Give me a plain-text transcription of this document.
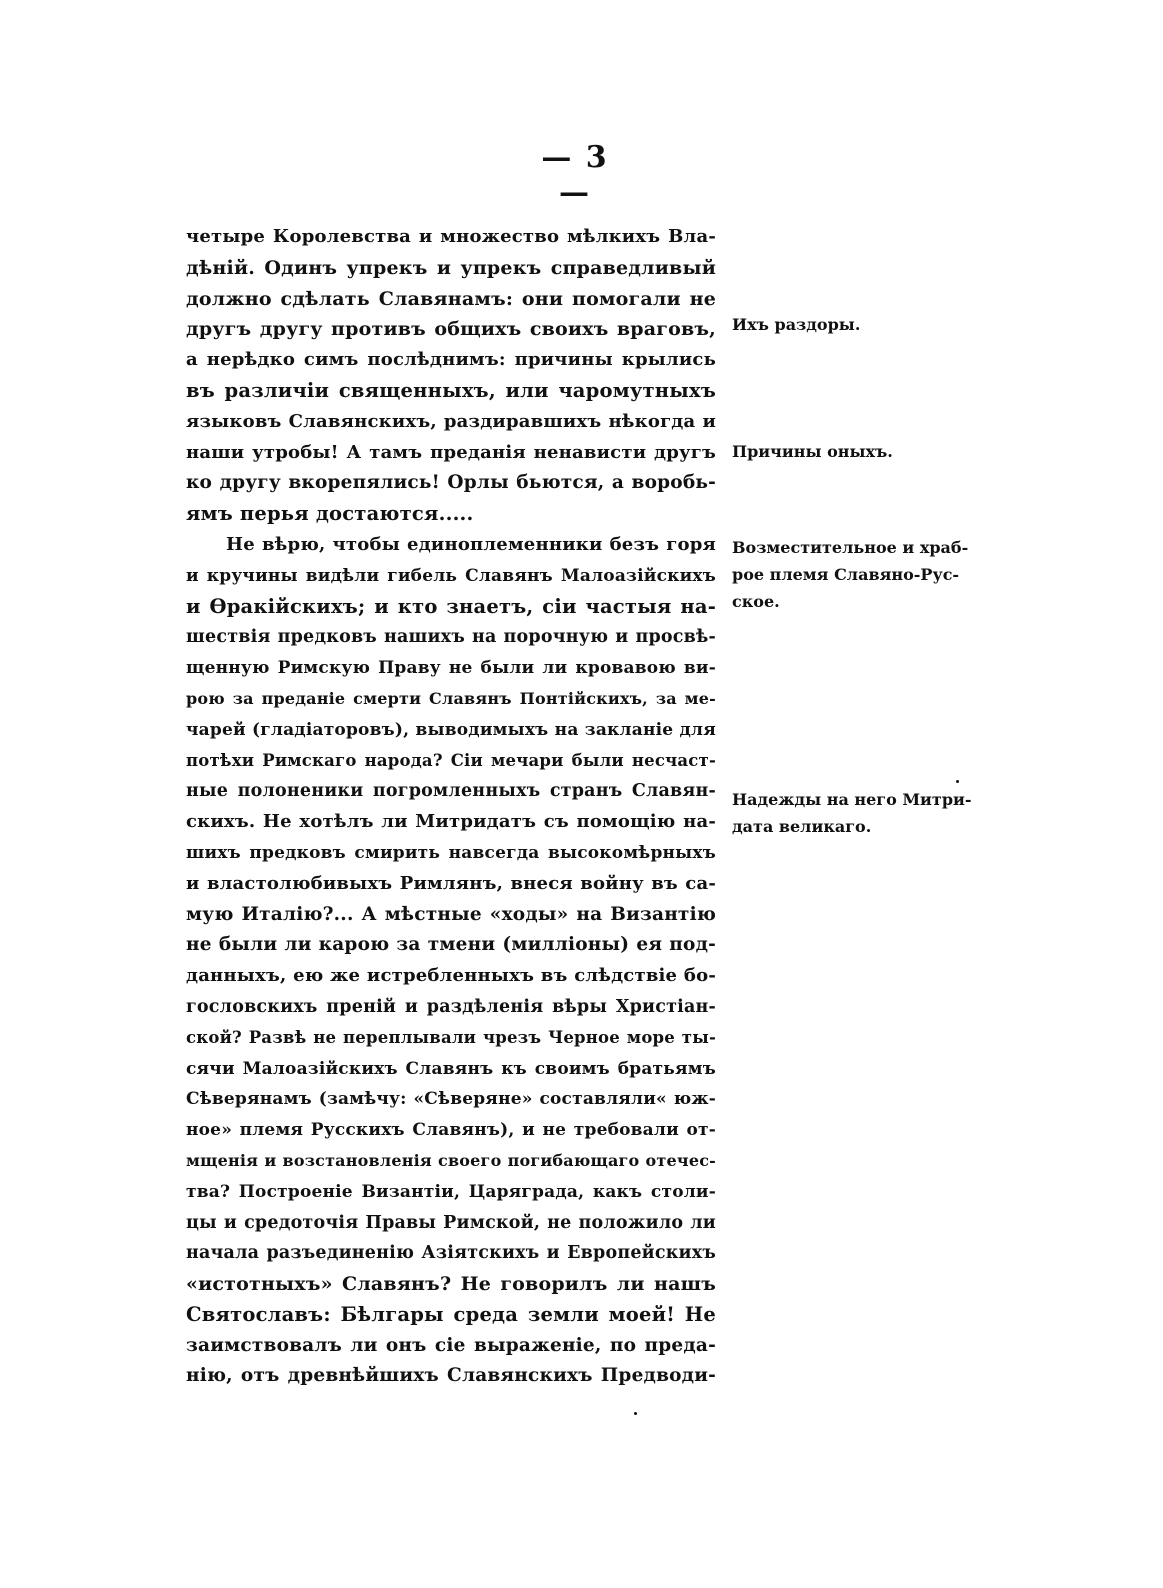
— 3 —
четыре Королевства и множество мѣлкихъ Вла-
дѣній. Одинъ упрекъ и упрекъ справедливый
должно сдѣлать Славянамъ: они помогали не
другъ другу противъ общихъ своихъ враговъ,
а нерѣдко симъ послѣднимъ: причины крылись
въ различіи священныхъ, или чаромутныхъ
языковъ Славянскихъ, раздиравшихъ нѣкогда и
наши утробы! А тамъ преданія ненависти другъ
ко другу вкорепялись! Орлы бьются, а воробь-
ямъ перья достаются.....
Не вѣрю, чтобы единоплеменники безъ горя
и кручины видѣли гибель Славянъ Малоазійскихъ
и Ѳракійскихъ; и кто знаетъ, сіи частыя на-
шествія предковъ нашихъ на порочную и просвѣ-
щенную Римскую Праву не были ли кровавою ви-
рою за преданіе смерти Славянъ Понтійскихъ, за ме-
чарей (гладіаторовъ), выводимыхъ на закланіе для
потѣхи Римскаго народа? Сіи мечари были несчаст-
ные полоненики погромленныхъ странъ Славян-
скихъ. Не хотѣлъ ли Митридатъ съ помощію на-
шихъ предковъ смирить навсегда высокомѣрныхъ
и властолюбивыхъ Римлянъ, внеся войну въ са-
мую Италію?... А мѣстные «ходы» на Византію
не были ли карою за тмени (милліоны) ея под-
данныхъ, ею же истребленныхъ въ слѣдствіе бо-
гословскихъ преній и раздѣленія вѣры Христіан-
ской? Развѣ не переплывали чрезъ Черное море ты-
сячи Малоазійскихъ Славянъ къ своимъ братьямъ
Сѣверянамъ (замѣчу: «Сѣверяне» составляли« юж-
ное» племя Русскихъ Славянъ), и не требовали от-
мщенія и возстановленія своего погибающаго отечес-
тва? Построеніе Византіи, Царяграда, какъ столи-
цы и средоточія Правы Римской, не положило ли
начала разъединенію Азіятскихъ и Европейскихъ
«истотныхъ» Славянъ? Не говорилъ ли нашъ
Святославъ: Бѣлгары среда земли моей! Не
заимствовалъ ли онъ сіе выраженіе, по преда-
нію, отъ древнѣйшихъ Славянскихъ Предводи-
Ихъ раздоры.
Причины оныхъ.
Возместительное и храб-
рое племя Славяно-Рус-
ское.
Надежды на него Митри-
дата великаго.
